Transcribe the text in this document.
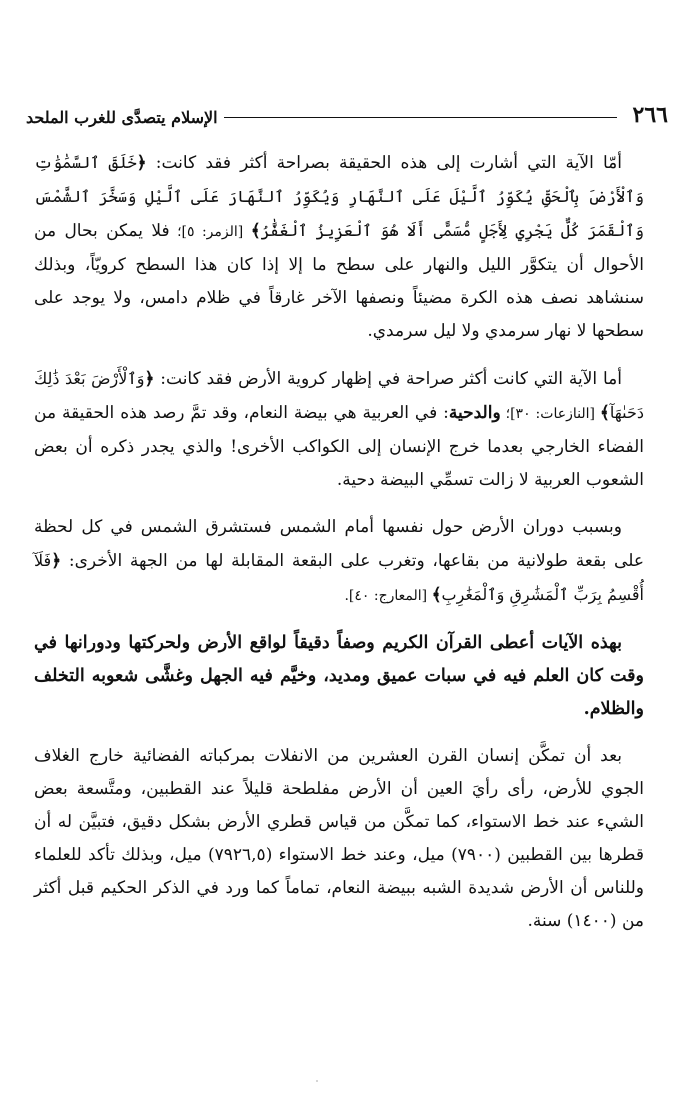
٢٦٦
الإسلام يتصدَّى للغرب الملحد

أمّا الآية التي أشارت إلى هذه الحقيقة بصراحة أكثر فقد كانت: ﴿خَلَقَ ٱلسَّمَٰوَٰتِ وَٱلْأَرْضَ بِٱلْحَقِّ يُكَوِّرُ ٱلَّيْلَ عَلَى ٱلنَّهَارِ وَيُكَوِّرُ ٱلنَّهَارَ عَلَى ٱلَّيْلِ وَسَخَّرَ ٱلشَّمْسَ وَٱلْقَمَرَ كُلٌّ يَجْرِي لِأَجَلٍ مُّسَمًّى أَلَا هُوَ ٱلْعَزِيزُ ٱلْغَفَّٰرُ﴾ [الزمر: ٥]؛ فلا يمكن بحال من الأحوال أن يتكوَّر الليل والنهار على سطح ما إلا إذا كان هذا السطح كرويّاً، وبذلك سنشاهد نصف هذه الكرة مضيئاً ونصفها الآخر غارقاً في ظلام دامس، ولا يوجد على سطحها لا نهار سرمدي ولا ليل سرمدي.

أما الآية التي كانت أكثر صراحة في إظهار كروية الأرض فقد كانت: ﴿وَٱلْأَرْضَ بَعْدَ ذَٰلِكَ دَحَىٰهَآ﴾ [النازعات: ٣٠]؛ والدحية: في العربية هي بيضة النعام، وقد تمَّ رصد هذه الحقيقة من الفضاء الخارجي بعدما خرج الإنسان إلى الكواكب الأخرى! والذي يجدر ذكره أن بعض الشعوب العربية لا زالت تسمِّي البيضة دحية.

وبسبب دوران الأرض حول نفسها أمام الشمس فستشرق الشمس في كل لحظة على بقعة طولانية من بقاعها، وتغرب على البقعة المقابلة لها من الجهة الأخرى: ﴿فَلَآ أُقْسِمُ بِرَبِّ ٱلْمَشَٰرِقِ وَٱلْمَغَٰرِبِ﴾ [المعارج: ٤٠].

بهذه الآيات أعطى القرآن الكريم وصفاً دقيقاً لواقع الأرض ولحركتها ودورانها في وقت كان العلم فيه في سبات عميق ومديد، وخيَّم فيه الجهل وغشَّى شعوبه التخلف والظلام.

بعد أن تمكَّن إنسان القرن العشرين من الانفلات بمركباته الفضائية خارج الغلاف الجوي للأرض، رأى رأيَ العين أن الأرض مفلطحة قليلاً عند القطبين، ومتَّسعة بعض الشيء عند خط الاستواء، كما تمكَّن من قياس قطري الأرض بشكل دقيق، فتبيَّن له أن قطرها بين القطبين (٧٩٠٠) ميل، وعند خط الاستواء (٧٩٢٦,٥) ميل، وبذلك تأكد للعلماء وللناس أن الأرض شديدة الشبه ببيضة النعام، تماماً كما ورد في الذكر الحكيم قبل أكثر من (١٤٠٠) سنة.
